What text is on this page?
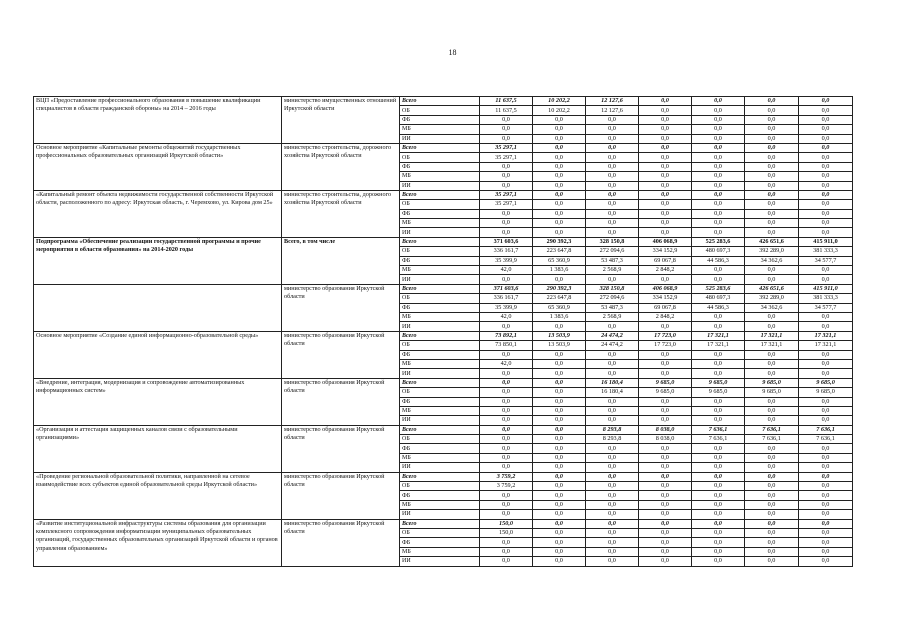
18
ВЦП «Предоставление профессионального образования в повышение квалификации специалистов в области гражданской обороны» на 2014 – 2016 годы	министерство имущественных отношений Иркутской области	Всего	11 637,5	10 202,2	12 127,6	0,0	0,0	0,0	0,0
		ОБ	11 637,5	10 202,2	12 127,6	0,0	0,0	0,0	0,0
		ФБ	0,0	0,0	0,0	0,0	0,0	0,0	0,0
		МБ	0,0	0,0	0,0	0,0	0,0	0,0	0,0
		ИИ	0,0	0,0	0,0	0,0	0,0	0,0	0,0
Основное мероприятие «Капитальные ремонты общежитий государственных профессиональных образовательных организаций Иркутской области»	министерство строительства, дорожного хозяйства Иркутской области	Всего	35 297,1	0,0	0,0	0,0	0,0	0,0	0,0
		ОБ	35 297,1	0,0	0,0	0,0	0,0	0,0	0,0
		ФБ	0,0	0,0	0,0	0,0	0,0	0,0	0,0
		МБ	0,0	0,0	0,0	0,0	0,0	0,0	0,0
		ИИ	0,0	0,0	0,0	0,0	0,0	0,0	0,0
«Капитальный ремонт объекта недвижимости государственной собственности Иркутской области, расположенного по адресу: Иркутская область, г. Черемхово, ул. Кирова дом 25»	министерство строительства, дорожного хозяйства Иркутской области	Всего	35 297,1	0,0	0,0	0,0	0,0	0,0	0,0
		ОБ	35 297,1	0,0	0,0	0,0	0,0	0,0	0,0
		ФБ	0,0	0,0	0,0	0,0	0,0	0,0	0,0
		МБ	0,0	0,0	0,0	0,0	0,0	0,0	0,0
		ИИ	0,0	0,0	0,0	0,0	0,0	0,0	0,0
Подпрограмма «Обеспечение реализации государственной программы и прочие мероприятия в области образования» на 2014-2020 годы	Всего, в том числе	Всего	371 603,6	290 392,3	328 150,8	406 068,9	525 283,6	426 651,6	415 911,0
		ОБ	336 161,7	223 647,8	272 094,6	334 152,9	480 697,3	392 289,0	381 333,3
		ФБ	35 399,9	65 360,9	53 487,3	69 067,8	44 586,3	34 362,6	34 577,7
		МБ	42,0	1 383,6	2 568,9	2 848,2	0,0	0,0	0,0
		ИИ	0,0	0,0	0,0	0,0	0,0	0,0	0,0
	министерство образования Иркутской области	Всего	371 603,6	290 392,3	328 150,8	406 068,9	525 283,6	426 651,6	415 911,0
		ОБ	336 161,7	223 647,8	272 094,6	334 152,9	480 697,3	392 289,0	381 333,3
		ФБ	35 399,9	65 360,9	53 487,3	69 067,8	44 586,3	34 362,6	34 577,7
		МБ	42,0	1 383,6	2 568,9	2 848,2	0,0	0,0	0,0
		ИИ	0,0	0,0	0,0	0,0	0,0	0,0	0,0
Основное мероприятие «Создание единой информационно-образовательной среды»	министерство образования Иркутской области	Всего	73 892,1	13 503,9	24 474,2	17 723,0	17 321,1	17 321,1	17 321,1
		ОБ	73 850,1	13 503,9	24 474,2	17 723,0	17 321,1	17 321,1	17 321,1
		ФБ	0,0	0,0	0,0	0,0	0,0	0,0	0,0
		МБ	42,0	0,0	0,0	0,0	0,0	0,0	0,0
		ИИ	0,0	0,0	0,0	0,0	0,0	0,0	0,0
«Внедрение, интеграция, модернизация и сопровождение автоматизированных информационных систем»	министерство образования Иркутской области	Всего	0,0	0,0	16 180,4	9 685,0	9 685,0	9 685,0	9 685,0
		ОБ	0,0	0,0	16 180,4	9 685,0	9 685,0	9 685,0	9 685,0
		ФБ	0,0	0,0	0,0	0,0	0,0	0,0	0,0
		МБ	0,0	0,0	0,0	0,0	0,0	0,0	0,0
		ИИ	0,0	0,0	0,0	0,0	0,0	0,0	0,0
«Организация и аттестация защищенных каналов связи с образовательными организациями»	министерство образования Иркутской области	Всего	0,0	0,0	8 293,8	8 038,0	7 636,1	7 636,1	7 636,1
		ОБ	0,0	0,0	8 293,8	8 038,0	7 636,1	7 636,1	7 636,1
		ФБ	0,0	0,0	0,0	0,0	0,0	0,0	0,0
		МБ	0,0	0,0	0,0	0,0	0,0	0,0	0,0
		ИИ	0,0	0,0	0,0	0,0	0,0	0,0	0,0
«Проведение региональной образовательной политики, направленной на сетевое взаимодействие всех субъектов единой образовательной среды Иркутской области»	министерство образования Иркутской области	Всего	3 759,2	0,0	0,0	0,0	0,0	0,0	0,0
		ОБ	3 759,2	0,0	0,0	0,0	0,0	0,0	0,0
		ФБ	0,0	0,0	0,0	0,0	0,0	0,0	0,0
		МБ	0,0	0,0	0,0	0,0	0,0	0,0	0,0
		ИИ	0,0	0,0	0,0	0,0	0,0	0,0	0,0
«Развитие институциональной инфраструктуры системы образования для организации комплексного сопровождения информатизации муниципальных образовательных организаций, государственных образовательных организаций Иркутской области и органов управления образованием»	министерство образования Иркутской области	Всего	150,0	0,0	0,0	0,0	0,0	0,0	0,0
		ОБ	150,0	0,0	0,0	0,0	0,0	0,0	0,0
		ФБ	0,0	0,0	0,0	0,0	0,0	0,0	0,0
		МБ	0,0	0,0	0,0	0,0	0,0	0,0	0,0
		ИИ	0,0	0,0	0,0	0,0	0,0	0,0	0,0
